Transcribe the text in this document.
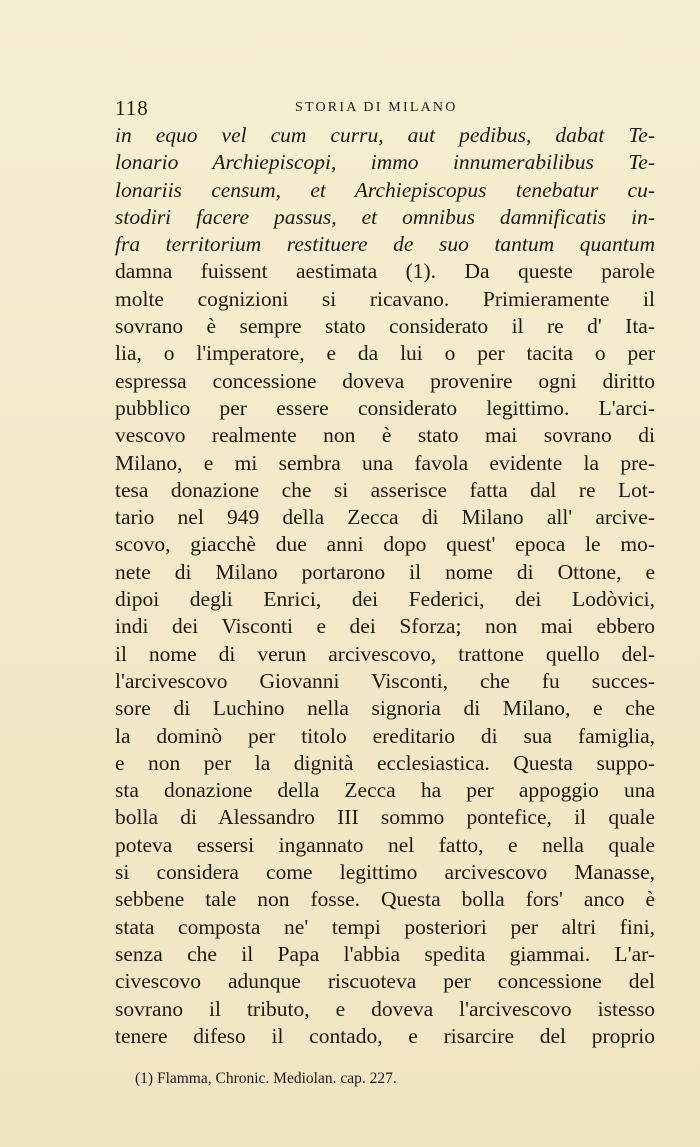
118	STORIA DI MILANO
in equo vel cum curru, aut pedibus, dabat Te-
lonario Archiepiscopi, immo innumerabilibus Te-
lonariis censum, et Archiepiscopus tenebatur cu-
stodiri facere passus, et omnibus damnificatis in-
fra territorium restituere de suo tantum quantum
damna fuissent aestimata (1). Da queste parole
molte cognizioni si ricavano. Primieramente il
sovrano è sempre stato considerato il re d' Ita-
lia, o l'imperatore, e da lui o per tacita o per
espressa concessione doveva provenire ogni diritto
pubblico per essere considerato legittimo. L'arci-
vescovo realmente non è stato mai sovrano di
Milano, e mi sembra una favola evidente la pre-
tesa donazione che si asserisce fatta dal re Lot-
tario nel 949 della Zecca di Milano all' arcive-
scovo, giacchè due anni dopo quest' epoca le mo-
nete di Milano portarono il nome di Ottone, e
dipoi degli Enrici, dei Federici, dei Lodòvici,
indi dei Visconti e dei Sforza; non mai ebbero
il nome di verun arcivescovo, trattone quello del-
l'arcivescovo Giovanni Visconti, che fu succes-
sore di Luchino nella signoria di Milano, e che
la dominò per titolo ereditario di sua famiglia,
e non per la dignità ecclesiastica. Questa suppo-
sta donazione della Zecca ha per appoggio una
bolla di Alessandro III sommo pontefice, il quale
poteva essersi ingannato nel fatto, e nella quale
si considera come legittimo arcivescovo Manasse,
sebbene tale non fosse. Questa bolla fors' anco è
stata composta ne' tempi posteriori per altri fini,
senza che il Papa l'abbia spedita giammai. L'ar-
civescovo adunque riscuoteva per concessione del
sovrano il tributo, e doveva l'arcivescovo istesso
tenere difeso il contado, e risarcire del proprio
(1) Flamma, Chronic. Mediolan. cap. 227.
